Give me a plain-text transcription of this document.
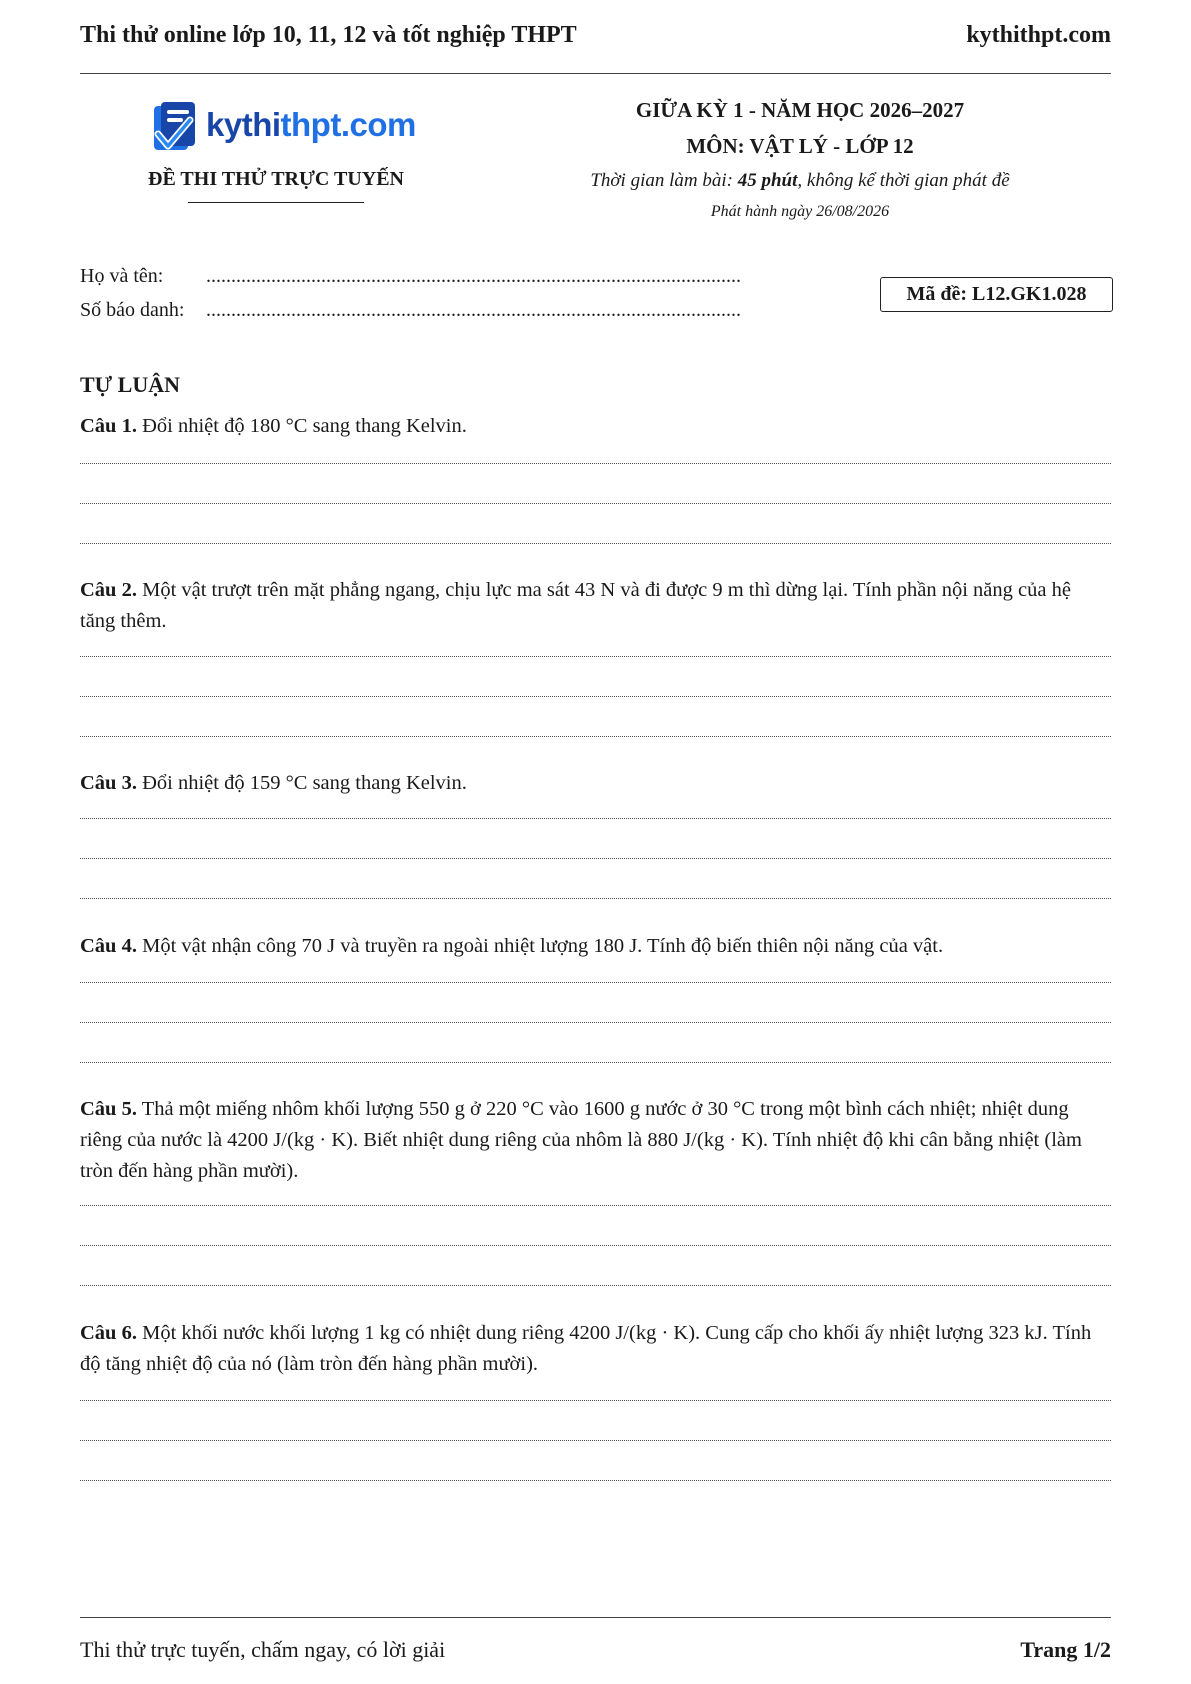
Thi thử online lớp 10, 11, 12 và tốt nghiệp THPT	kythithpt.com
kythithpt.com
ĐỀ THI THỬ TRỰC TUYẾN
GIỮA KỲ 1 - NĂM HỌC 2026–2027
MÔN: VẬT LÝ - LỚP 12
Thời gian làm bài: 45 phút, không kể thời gian phát đề
Phát hành ngày 26/08/2026
Họ và tên: ...........................................................................................................
Số báo danh: ...........................................................................................................
Mã đề: L12.GK1.028
TỰ LUẬN
Câu 1. Đổi nhiệt độ 180 °C sang thang Kelvin.
Câu 2. Một vật trượt trên mặt phẳng ngang, chịu lực ma sát 43 N và đi được 9 m thì dừng lại. Tính phần nội năng của hệ tăng thêm.
Câu 3. Đổi nhiệt độ 159 °C sang thang Kelvin.
Câu 4. Một vật nhận công 70 J và truyền ra ngoài nhiệt lượng 180 J. Tính độ biến thiên nội năng của vật.
Câu 5. Thả một miếng nhôm khối lượng 550 g ở 220 °C vào 1600 g nước ở 30 °C trong một bình cách nhiệt; nhiệt dung riêng của nước là 4200 J/(kg · K). Biết nhiệt dung riêng của nhôm là 880 J/(kg · K). Tính nhiệt độ khi cân bằng nhiệt (làm tròn đến hàng phần mười).
Câu 6. Một khối nước khối lượng 1 kg có nhiệt dung riêng 4200 J/(kg · K). Cung cấp cho khối ấy nhiệt lượng 323 kJ. Tính độ tăng nhiệt độ của nó (làm tròn đến hàng phần mười).
Thi thử trực tuyến, chấm ngay, có lời giải	Trang 1/2
